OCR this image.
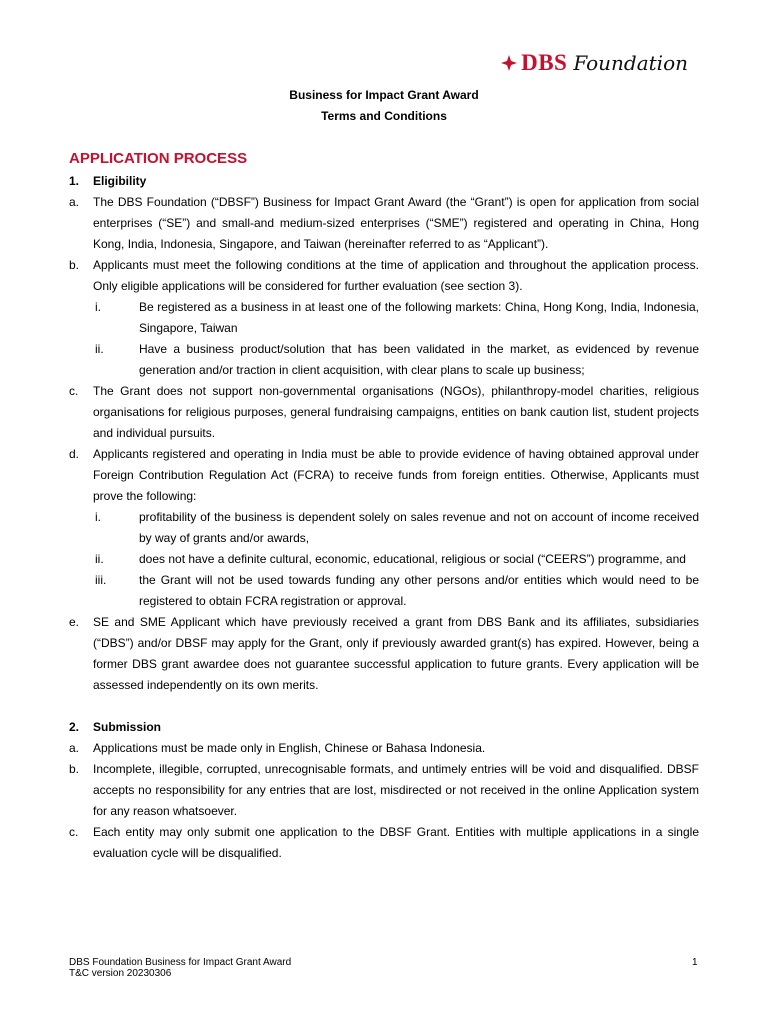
DBS Foundation
Business for Impact Grant Award
Terms and Conditions
APPLICATION PROCESS
1.	Eligibility
a.	The DBS Foundation (“DBSF”) Business for Impact Grant Award (the “Grant”) is open for application from social enterprises (“SE”) and small-and medium-sized enterprises (“SME”) registered and operating in China, Hong Kong, India, Indonesia, Singapore, and Taiwan (hereinafter referred to as “Applicant”).
b.	Applicants must meet the following conditions at the time of application and throughout the application process. Only eligible applications will be considered for further evaluation (see section 3).
i.	Be registered as a business in at least one of the following markets: China, Hong Kong, India, Indonesia, Singapore, Taiwan
ii.	Have a business product/solution that has been validated in the market, as evidenced by revenue generation and/or traction in client acquisition, with clear plans to scale up business;
c.	The Grant does not support non-governmental organisations (NGOs), philanthropy-model charities, religious organisations for religious purposes, general fundraising campaigns, entities on bank caution list, student projects and individual pursuits.
d.	Applicants registered and operating in India must be able to provide evidence of having obtained approval under Foreign Contribution Regulation Act (FCRA) to receive funds from foreign entities. Otherwise, Applicants must prove the following:
i.	profitability of the business is dependent solely on sales revenue and not on account of income received by way of grants and/or awards,
ii.	does not have a definite cultural, economic, educational, religious or social (“CEERS”) programme, and
iii.	the Grant will not be used towards funding any other persons and/or entities which would need to be registered to obtain FCRA registration or approval.
e.	SE and SME Applicant which have previously received a grant from DBS Bank and its affiliates, subsidiaries (“DBS”) and/or DBSF may apply for the Grant, only if previously awarded grant(s) has expired. However, being a former DBS grant awardee does not guarantee successful application to future grants. Every application will be assessed independently on its own merits.
2.	Submission
a.	Applications must be made only in English, Chinese or Bahasa Indonesia.
b.	Incomplete, illegible, corrupted, unrecognisable formats, and untimely entries will be void and disqualified. DBSF accepts no responsibility for any entries that are lost, misdirected or not received in the online Application system for any reason whatsoever.
c.	Each entity may only submit one application to the DBSF Grant. Entities with multiple applications in a single evaluation cycle will be disqualified.
DBS Foundation Business for Impact Grant Award
T&C version 20230306
1
